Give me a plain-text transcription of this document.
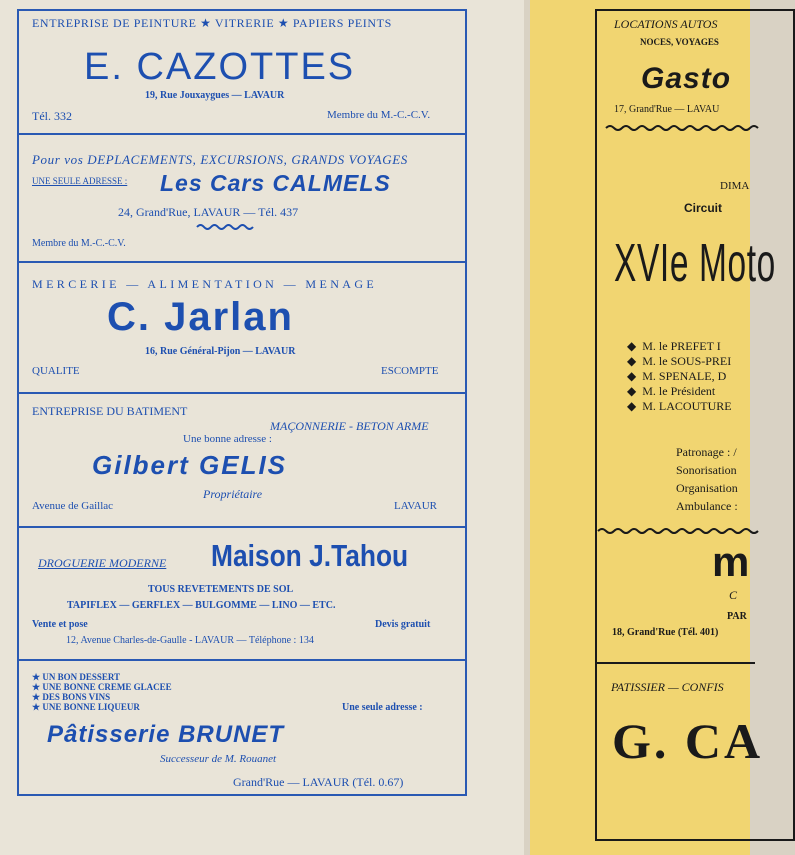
ENTREPRISE DE PEINTURE ★ VITRERIE ★ PAPIERS PEINTS
E. CAZOTTES
19, Rue Jouxaygues — LAVAUR
Tél. 332	Membre du M.-C.-C.V.
Pour vos DEPLACEMENTS, EXCURSIONS, GRANDS VOYAGES
UNE SEULE ADRESSE : Les Cars CALMELS
24, Grand'Rue, LAVAUR — Tél. 437
Membre du M.-C.-C.V.
MERCERIE — ALIMENTATION — MENAGE
C. Jarlan
16, Rue Général-Pijon — LAVAUR
QUALITE	ESCOMPTE
ENTREPRISE DU BATIMENT
MAÇONNERIE - BETON ARME
Une bonne adresse :
Gilbert GELIS
Propriétaire
Avenue de Gaillac	LAVAUR
DROGUERIE MODERNE Maison J.Tahou
TOUS REVETEMENTS DE SOL
TAPIFLEX — GERFLEX — BULGOMME — LINO — ETC.
Vente et pose	Devis gratuit
12, Avenue Charles-de-Gaulle - LAVAUR — Téléphone : 134
★ UN BON DESSERT
★ UNE BONNE CREME GLACEE
★ DES BONS VINS
★ UNE BONNE LIQUEUR	Une seule adresse :
Pâtisserie BRUNET
Successeur de M. Rouanet
Grand'Rue — LAVAUR (Tél. 0.67)
LOCATIONS AUTOS
NOCES, VOYAGES
Gasto
17, Grand'Rue — LAVAU
DIMA
Circuit
XVIe Moto
◆  M. le PREFET I
◆  M. le SOUS-PREI
◆  M. SPENALE, D
◆  M. le Président
◆  M. LACOUTURE
Patronage : /
Sonorisation
Organisation
Ambulance :
m
C
PAR
18, Grand'Rue (Tél. 401)
PATISSIER — CONFIS
G. CA
